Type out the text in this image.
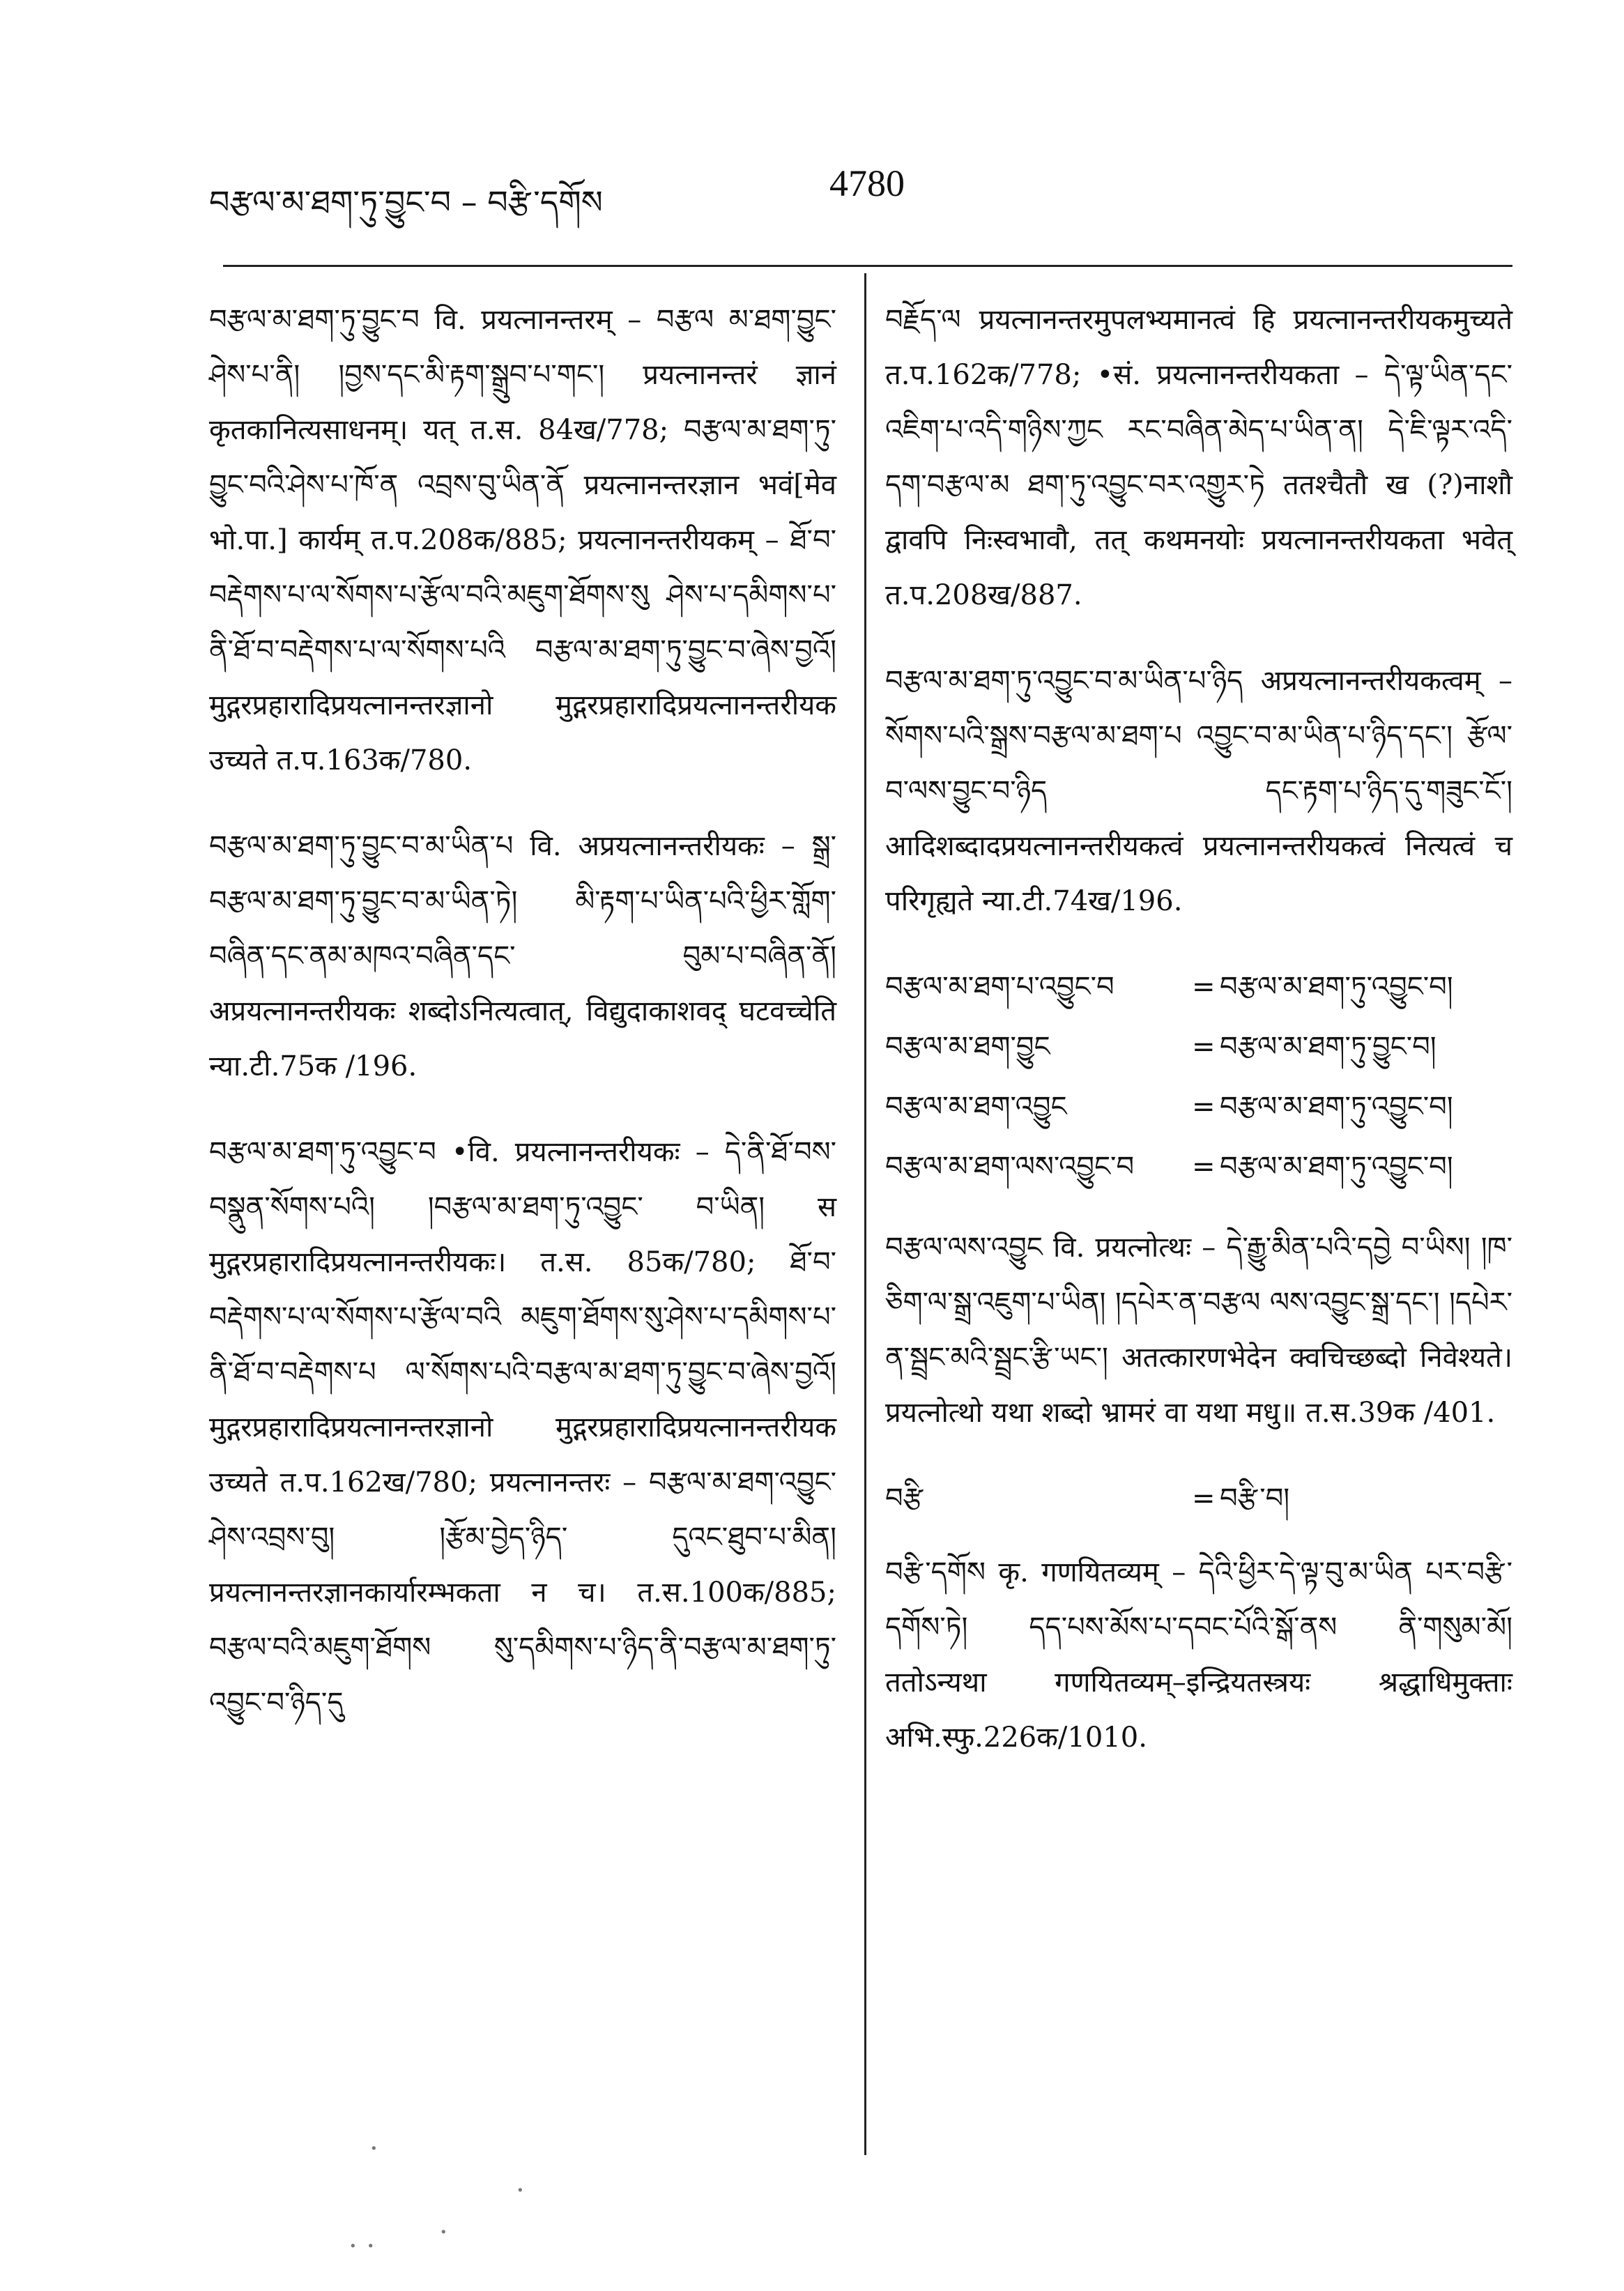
བརྩལ་མ་ཐག་ཏུ་བྱུང་བ – བརྩི་དགོས	4780

བརྩལ་མ་ཐག་ཏུ་བྱུང་བ वि. प्रयत्नानन्तरम् – བརྩལ མ་ཐག་བྱུང་ཤེས་པ་ནི། །བྱས་དང་མི་རྟག་སྒྲུབ་པ་གང་། प्रयत्नानन्तरं ज्ञानं कृतकानित्यसाधनम्। यत् त.स. 84ख/778; བརྩལ་མ་ཐག་ཏུ་བྱུང་བའི་ཤེས་པ་ཁོ་ན འབྲས་བུ་ཡིན་ནོ प्रयत्नानन्तरज्ञान भवं[मेव भो.पा.] कार्यम् त.प.208क/885; प्रयत्नानन्तरीयकम् – ཐོ་བ་བརྡེགས་པ་ལ་སོགས་པ་རྩོལ་བའི་མཇུག་ཐོགས་སུ ཤེས་པ་དམིགས་པ་ནི་ཐོ་བ་བརྡེགས་པ་ལ་སོགས་པའི བརྩལ་མ་ཐག་ཏུ་བྱུང་བ་ཞེས་བྱའོ། मुद्गरप्रहारादिप्रयत्नानन्तरज्ञानो मुद्गरप्रहारादिप्रयत्नानन्तरीयक उच्यते त.प.163क/780.

བརྩལ་མ་ཐག་ཏུ་བྱུང་བ་མ་ཡིན་པ वि. अप्रयत्नानन्तरीयकः – སྒྲ་བརྩལ་མ་ཐག་ཏུ་བྱུང་བ་མ་ཡིན་ཏེ། མི་རྟག་པ་ཡིན་པའི་ཕྱིར་གློག་བཞིན་དང་ནམ་མཁའ་བཞིན་དང་ བུམ་པ་བཞིན་ནོ། अप्रयत्नानन्तरीयकः शब्दोऽनित्यत्वात्, विद्युदाकाशवद् घटवच्चेति न्या.टी.75क /196.

བརྩལ་མ་ཐག་ཏུ་འབྱུང་བ •वि. प्रयत्नानन्तरीयकः – དེ་ནི་ཐོ་བས་བསྣུན་སོགས་པའི། །བརྩལ་མ་ཐག་ཏུ་འབྱུང་ བ་ཡིན། स मुद्गरप्रहारादिप्रयत्नानन्तरीयकः। त.स. 85क/780; ཐོ་བ་བརྡེགས་པ་ལ་སོགས་པ་རྩོལ་བའི མཇུག་ཐོགས་སུ་ཤེས་པ་དམིགས་པ་ནི་ཐོ་བ་བརྡེགས་པ ལ་སོགས་པའི་བརྩལ་མ་ཐག་ཏུ་བྱུང་བ་ཞེས་བྱའོ། मुद्गरप्रहारादिप्रयत्नानन्तरज्ञानो मुद्गरप्रहारादिप्रयत्नानन्तरीयक उच्यते त.प.162ख/780; प्रयत्नानन्तरः – བརྩལ་མ་ཐག་འབྱུང་ཤེས་འབྲས་བུ། །རྩོམ་བྱེད་ཉིད་ དུའང་ཐུབ་པ་མིན། प्रयत्नानन्तरज्ञानकार्यारम्भकता न च। त.स.100क/885; བརྩལ་བའི་མཇུག་ཐོགས སུ་དམིགས་པ་ཉིད་ནི་བརྩལ་མ་ཐག་ཏུ་འབྱུང་བ་ཉིད་དུ

བརྗོད་ལ प्रयत्नानन्तरमुपलभ्यमानत्वं हि प्रयत्नानन्तरीयकमुच्यते त.प.162क/778; •सं. प्रयत्नानन्तरीयकता – དེ་ལྟ་ཡིན་དང་འཇིག་པ་འདི་གཉིས་ཀྱང རང་བཞིན་མེད་པ་ཡིན་ན། དེ་ཇི་ལྟར་འདི་དག་བརྩལ་མ ཐག་ཏུ་འབྱུང་བར་འགྱུར་ཏེ ततश्चैतौ ख (?)नाशौ द्वावपि निःस्वभावौ, तत् कथमनयोः प्रयत्नानन्तरीयकता भवेत् त.प.208ख/887.

བརྩལ་མ་ཐག་ཏུ་འབྱུང་བ་མ་ཡིན་པ་ཉིད अप्रयत्नानन्तरीयकत्वम् – སོགས་པའི་སྒྲས་བརྩལ་མ་ཐག་པ འབྱུང་བ་མ་ཡིན་པ་ཉིད་དང་། རྩོལ་བ་ལས་བྱུང་བ་ཉིད དང་རྟག་པ་ཉིད་དུ་གཟུང་ངོ་། आदिशब्दादप्रयत्नानन्तरीयकत्वं प्रयत्नानन्तरीयकत्वं नित्यत्वं च परिगृह्यते न्या.टी.74ख/196.

བརྩལ་མ་ཐག་པ་འབྱུང་བ	= བརྩལ་མ་ཐག་ཏུ་འབྱུང་བ།
བརྩལ་མ་ཐག་བྱུང	= བརྩལ་མ་ཐག་ཏུ་བྱུང་བ།
བརྩལ་མ་ཐག་འབྱུང	= བརྩལ་མ་ཐག་ཏུ་འབྱུང་བ།
བརྩལ་མ་ཐག་ལས་འབྱུང་བ = བརྩལ་མ་ཐག་ཏུ་འབྱུང་བ།

བརྩལ་ལས་འབྱུང वि. प्रयत्नोत्थः – དེ་རྒྱུ་མིན་པའི་དབྱེ བ་ཡིས། །ཁ་ཅིག་ལ་སྒྲ་འཇུག་པ་ཡིན། །དཔེར་ན་བརྩལ ལས་འབྱུང་སྒྲ་དང་། །དཔེར་ན་སྦྲང་མའི་སྦྲང་རྩི་ཡང་། अतत्कारणभेदेन क्वचिच्छब्दो निवेश्यते। प्रयत्नोत्थो यथा शब्दो भ्रामरं वा यथा मधु॥ त.स.39क /401.

བརྩི	= བརྩི་བ།

བརྩི་དགོས कृ. गणयितव्यम् – དེའི་ཕྱིར་དེ་ལྟ་བུ་མ་ཡིན པར་བརྩི་དགོས་ཏེ། དད་པས་མོས་པ་དབང་པོའི་སྒོ་ནས ནི་གསུམ་མོ། ततोऽन्यथा गणयितव्यम्–इन्द्रियतस्त्रयः श्रद्धाधिमुक्ताः अभि.स्फु.226क/1010.

·
·
· · ·
